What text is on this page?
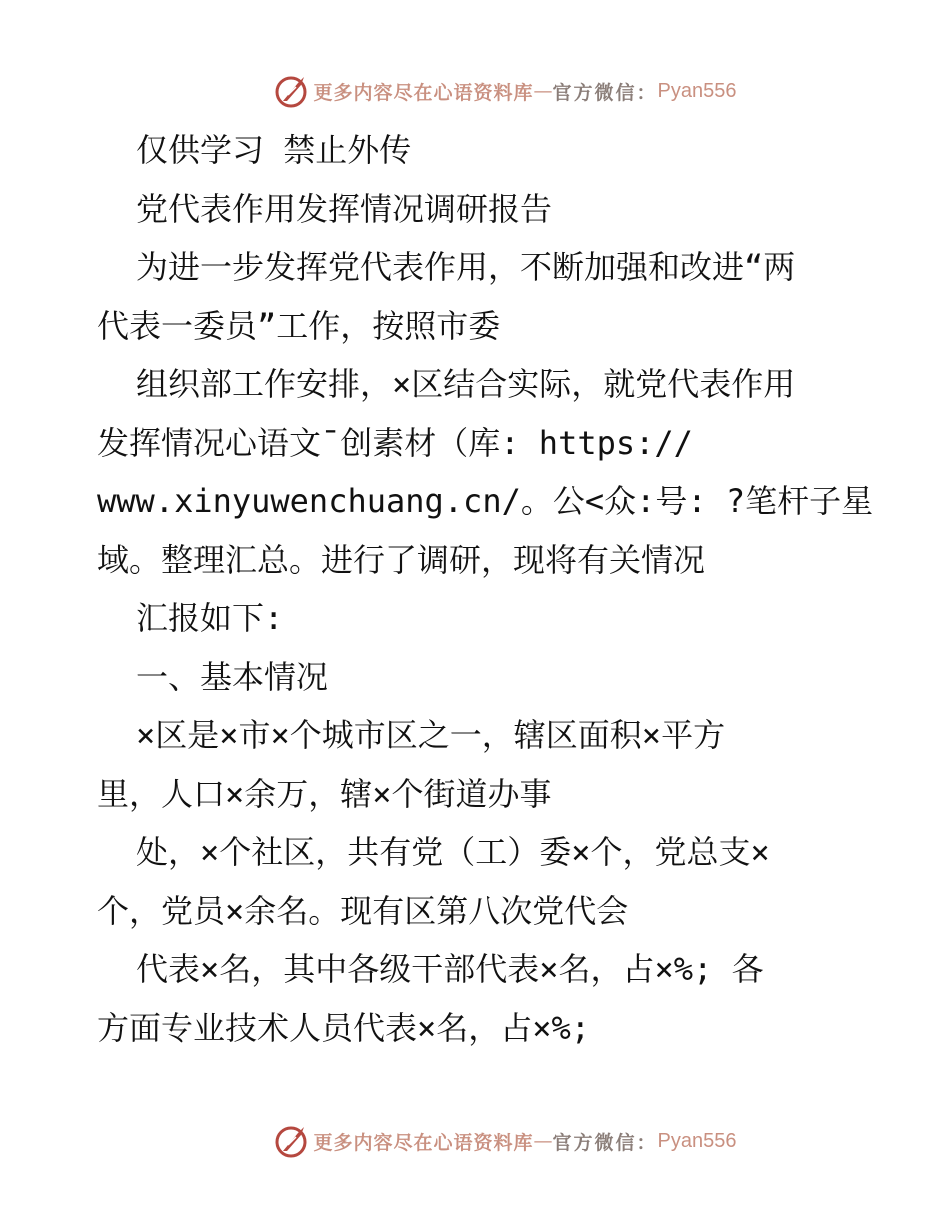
更多内容尽在心语资料库 — 官方微信： Pyan556
仅供学习 禁止外传
党代表作用发挥情况调研报告
为进一步发挥党代表作用，不断加强和改进“两
代表一委员”工作，按照市委
组织部工作安排，×区结合实际，就党代表作用
发挥情况心语文¯创素材（库: https://
www.xinyuwenchuang.cn/。公<众:号: ?笔杆子星
域。整理汇总。进行了调研，现将有关情况
汇报如下:
一、基本情况
×区是×市×个城市区之一，辖区面积×平方
里，人口×余万，辖×个街道办事
处，×个社区，共有党（工）委×个，党总支×
个，党员×余名。现有区第八次党代会
代表×名，其中各级干部代表×名，占×%; 各
方面专业技术人员代表×名，占×%;
更多内容尽在心语资料库 — 官方微信： Pyan556
